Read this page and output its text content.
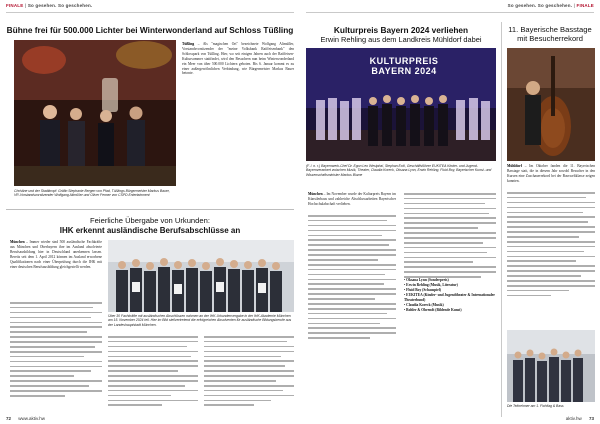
FINALE | So gesehen. So geschehen.
Bühne frei für 500.000 Lichter bei Winterwonderland auf Schloss Tüßling
Christine und der Stadtkropf: Gräfin Stephanie Bergen von Pfad, Tüßlings Bürgermeister Markus Bauer, VR-Vorstandsvorsitzender Wolfgang Altmüller und Oliver Fenner von CSPD Entertainment
Tüßling – Als "magischen Ort" bezeichnete Wolfgang Altmüller, Vorstandsvorsitzender der "meine Volksbank Raiffeisenbank" den Schlosspark von Tüßling. Hier, wo seit einigen Jahren auch der Raiffeisen-Kultursommer stattfindet, wird den Besuchern nun beim Winterwonderland ein Meer von über 500.000 Lichtern geboten. Bis 6. Januar kommt es zu einer außergewöhnlichen Verbindung, wie Bürgermeister Markus Bauer betonte.
Feierliche Übergabe von Urkunden:
IHK erkennt ausländische Berufsabschlüsse an
München – Immer wieder sind 500 ausländische Fachkräfte aus München und Oberbayern ihre im Ausland absolvierte Berufsausbildung hier in Deutschland anerkennen lassen. Bereits seit dem 1. April 2012 können im Ausland erworbene Qualifikationen nach einer Überprüfung durch die IHK mit einer deutschen Berufsausbildung gleichgestellt werden.
Über 30 Fachkräfte mit ausländischen Abschlüssen nahmen an der IHK-Urkundenvergabe in der IHK-Akademie München am 15. November 2024 teil. Hier im Bild stellvertretend die erfolgreichen Absolventen für ausländische Bildungsberufe aus der Landeshauptstadt München.
72 www.aktiv.hw
So gesehen. So geschehen. | FINALE
Kulturpreis Bayern 2024 verliehen
Erwin Rehling aus dem Landkreis Mühldorf dabei
KULTURPREIS BAYERN 2024
(F. l. n. r.) Bayernwerk-Chef Dr. Egon Leo Westphal, Stephan Eckl, Geschäftsführer EUKITEA Kinder- und Jugend-Bayernverankert zwischen Musik, Theater, Claudia Koreck, Oksana Lynn, Erwin Rehling, Fluid Boy, Bayerischer Kunst- und Wissenschaftsminister Markus Blume
München – Im November wurde der Kulturpreis Bayern im Künstlerhaus und zahlreiche Abschlussarbeiten Bayerischer Hochschulabschaft verliehen.
• Oksana Lynn (Sonderpreis)
• Erwin Rehling (Musik, Literatur)
• Fluid Boy (Schauspiel)
• EUKITEA (Kinder- und Jugendtheater & Internationaler Theaterbund)
• Claudia Koreck (Musik)
• Bohler & Ohrendt (Bildende Kunst)
11. Bayerische Basstage mit Besucherrekord
Mühldorf – Im Oktober fanden die 11. Bayerischen Basstage statt, die in diesem Jahr sowohl Besucher in den Kursen eine Zuschauerrekord bei der Bassweltklasse zeigen konnten.
Die Teilnehmer am 1. Fichtlag & Bass
aktiv.hw 73
